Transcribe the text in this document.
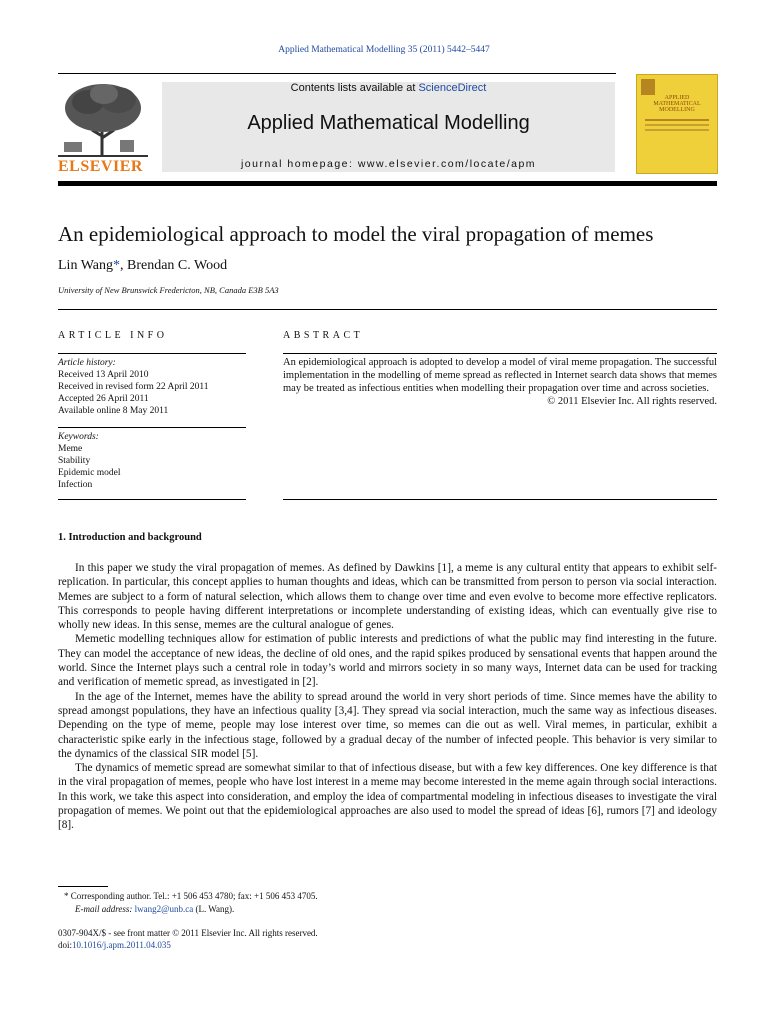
Applied Mathematical Modelling 35 (2011) 5442–5447
ELSEVIER
Contents lists available at ScienceDirect
Applied Mathematical Modelling
journal homepage: www.elsevier.com/locate/apm
APPLIED MATHEMATICAL MODELLING
An epidemiological approach to model the viral propagation of memes
Lin Wang*, Brendan C. Wood
University of New Brunswick Fredericton, NB, Canada E3B 5A3
ARTICLE INFO
Article history:
Received 13 April 2010
Received in revised form 22 April 2011
Accepted 26 April 2011
Available online 8 May 2011
Keywords:
Meme
Stability
Epidemic model
Infection
ABSTRACT
An epidemiological approach is adopted to develop a model of viral meme propagation. The successful implementation in the modelling of meme spread as reflected in Internet search data shows that memes may be treated as infectious entities when modelling their propagation over time and across societies.
© 2011 Elsevier Inc. All rights reserved.
1. Introduction and background

In this paper we study the viral propagation of memes. As defined by Dawkins [1], a meme is any cultural entity that appears to exhibit self-replication. In particular, this concept applies to human thoughts and ideas, which can be transmitted from person to person via social interaction. Memes are subject to a form of natural selection, which allows them to change over time and even evolve to become more effective replicators. This corresponds to people having different interpretations or incomplete understanding of existing ideas, which can eventually give rise to wholly new ideas. In this sense, memes are the cultural analogue of genes.

Memetic modelling techniques allow for estimation of public interests and predictions of what the public may find interesting in the future. They can model the acceptance of new ideas, the decline of old ones, and the rapid spikes produced by sensational events that happen around the world. Since the Internet plays such a central role in today’s world and mirrors society in so many ways, Internet data can be used for tracking and verification of memetic spread, as investigated in [2].

In the age of the Internet, memes have the ability to spread around the world in very short periods of time. Since memes have the ability to spread amongst populations, they have an infectious quality [3,4]. They spread via social interaction, much the same way as infectious diseases. Depending on the type of meme, people may lose interest over time, so memes can die out as well. Viral memes, in particular, exhibit a characteristic spike early in the infectious stage, followed by a gradual decay of the number of infected people. This behavior is very similar to the dynamics of the classical SIR model [5].

The dynamics of memetic spread are somewhat similar to that of infectious disease, but with a few key differences. One key difference is that in the viral propagation of memes, people who have lost interest in a meme may become interested in the meme again through social interactions. In this work, we take this aspect into consideration, and employ the idea of compartmental modeling in infectious diseases to investigate the viral propagation of memes. We point out that the epidemiological approaches are also used to model the spread of ideas [6], rumors [7] and ideology [8].

* Corresponding author. Tel.: +1 506 453 4780; fax: +1 506 453 4705.
E-mail address: lwang2@unb.ca (L. Wang).
0307-904X/$ - see front matter © 2011 Elsevier Inc. All rights reserved.
doi:10.1016/j.apm.2011.04.035
